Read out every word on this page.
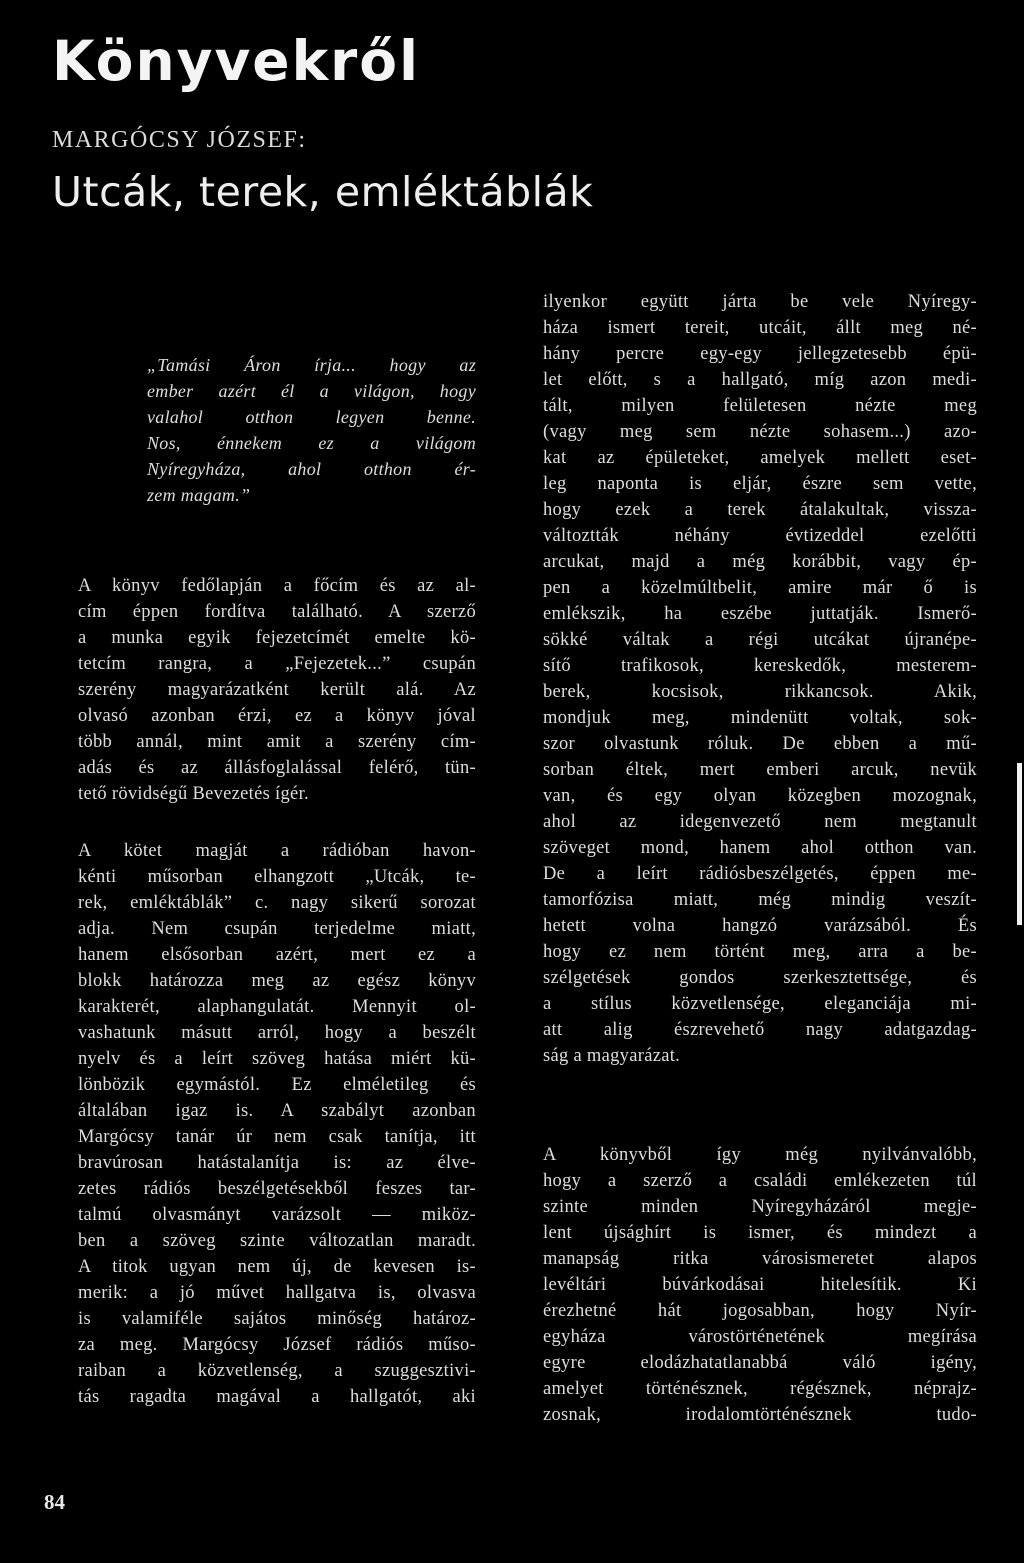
Könyvekről
MARGÓCSY JÓZSEF:
Utcák, terek, emléktáblák
„Tamási Áron írja... hogy az
ember azért él a világon, hogy
valahol otthon legyen benne.
Nos, énnekem ez a világom
Nyíregyháza, ahol otthon ér-
zem magam.”
A könyv fedőlapján a főcím és az al-
cím éppen fordítva található. A szerző
a munka egyik fejezetcímét emelte kö-
tetcím rangra, a „Fejezetek...” csupán
szerény magyarázatként került alá. Az
olvasó azonban érzi, ez a könyv jóval
több annál, mint amit a szerény cím-
adás és az állásfoglalással felérő, tün-
tető rövidségű Bevezetés ígér.
A kötet magját a rádióban havon-
kénti műsorban elhangzott „Utcák, te-
rek, emléktáblák” c. nagy sikerű sorozat
adja. Nem csupán terjedelme miatt,
hanem elsősorban azért, mert ez a
blokk határozza meg az egész könyv
karakterét, alaphangulatát. Mennyit ol-
vashatunk másutt arról, hogy a beszélt
nyelv és a leírt szöveg hatása miért kü-
lönbözik egymástól. Ez elméletileg és
általában igaz is. A szabályt azonban
Margócsy tanár úr nem csak tanítja, itt
bravúrosan hatástalanítja is: az élve-
zetes rádiós beszélgetésekből feszes tar-
talmú olvasmányt varázsolt — miköz-
ben a szöveg szinte változatlan maradt.
A titok ugyan nem új, de kevesen is-
merik: a jó művet hallgatva is, olvasva
is valamiféle sajátos minőség határoz-
za meg. Margócsy József rádiós műso-
raiban a közvetlenség, a szuggesztivi-
tás ragadta magával a hallgatót, aki
ilyenkor együtt járta be vele Nyíregy-
háza ismert tereit, utcáit, állt meg né-
hány percre egy-egy jellegzetesebb épü-
let előtt, s a hallgató, míg azon medi-
tált, milyen felületesen nézte meg
(vagy meg sem nézte sohasem...) azo-
kat az épületeket, amelyek mellett eset-
leg naponta is eljár, észre sem vette,
hogy ezek a terek átalakultak, vissza-
változtták néhány évtizeddel ezelőtti
arcukat, majd a még korábbit, vagy ép-
pen a közelmúltbelit, amire már ő is
emlékszik, ha eszébe juttatják. Ismerő-
sökké váltak a régi utcákat újranépe-
sítő trafikosok, kereskedők, mesterem-
berek, kocsisok, rikkancsok. Akik,
mondjuk meg, mindenütt voltak, sok-
szor olvastunk róluk. De ebben a mű-
sorban éltek, mert emberi arcuk, nevük
van, és egy olyan közegben mozognak,
ahol az idegenvezető nem megtanult
szöveget mond, hanem ahol otthon van.
De a leírt rádiósbeszélgetés, éppen me-
tamorfózisa miatt, még mindig veszít-
hetett volna hangzó varázsából. És
hogy ez nem történt meg, arra a be-
szélgetések gondos szerkesztettsége, és
a stílus közvetlensége, eleganciája mi-
att alig észrevehető nagy adatgazdag-
ság a magyarázat.
A könyvből így még nyilvánvalóbb,
hogy a szerző a családi emlékezeten túl
szinte minden Nyíregyházáról megje-
lent újsághírt is ismer, és mindezt a
manapság ritka városismeretet alapos
levéltári búvárkodásai hitelesítik. Ki
érezhetné hát jogosabban, hogy Nyír-
egyháza várostörténetének megírása
egyre elodázhatatlanabbá váló igény,
amelyet történésznek, régésznek, néprajz-
zosnak, irodalomtörténésznek tudo-
84
